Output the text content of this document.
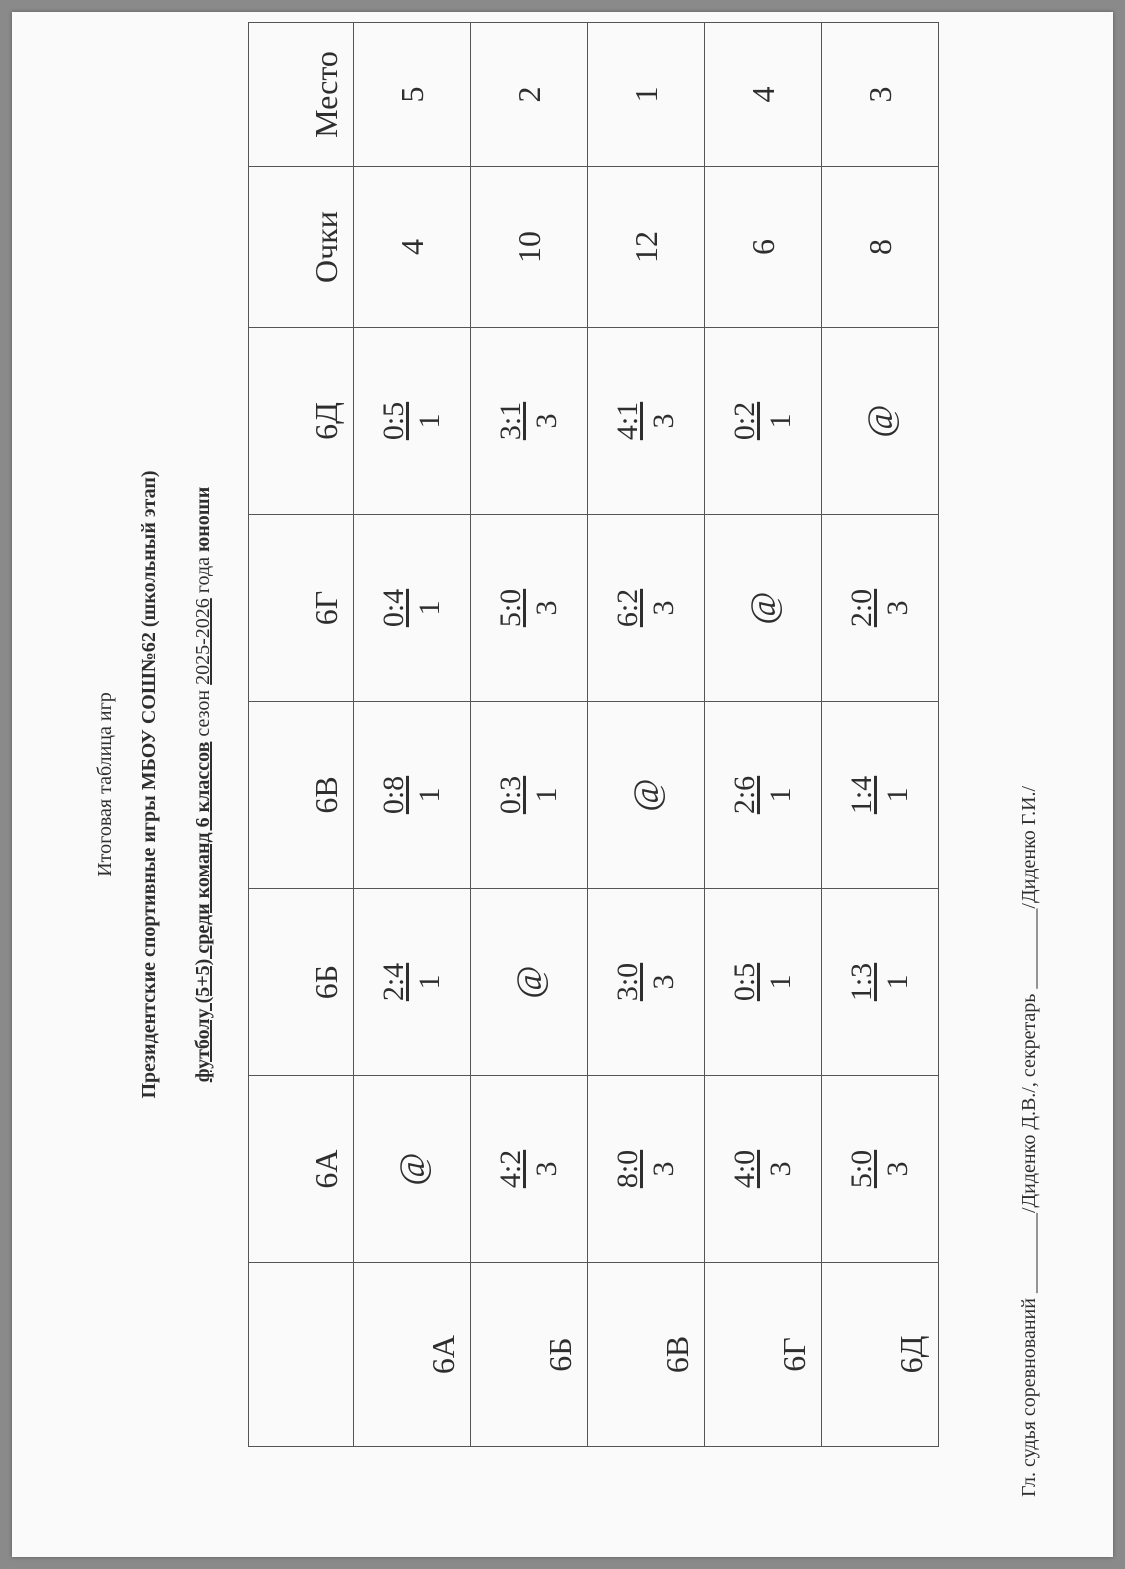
Итоговая таблица игр Президентские спортивные игры МБОУ СОШ№62 (школьный этап) футболу (5+5) среди команд 6 классов сезон 2025-2026 года юноши
	6А	6Б	6В	6Г	6Д	Очки	Место
6А	@	2:4 1	0:8 1	0:4 1	0:5 1	4	5
6Б	4:2 3	@	0:3 1	5:0 3	3:1 3	10	2
6В	8:0 3	3:0 3	@	6:2 3	4:1 3	12	1
6Г	4:0 3	0:5 1	2:6 1	@	0:2 1	6	4
6Д	5:0 3	1:3 1	1:4 1	2:0 3	@	8	3
Гл. судья соревнований ________/Диденко Д.В./, секретарь ________/Диденко Г.И./
